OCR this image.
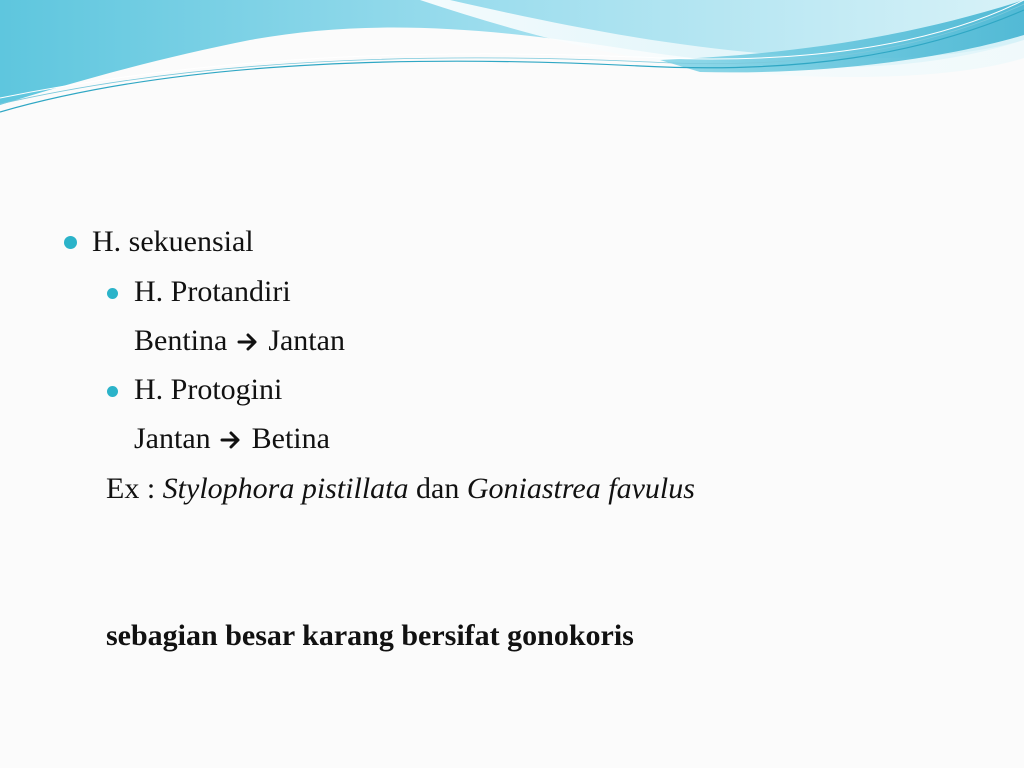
H. sekuensial
H. Protandiri
Bentina Jantan
H. Protogini
Jantan Betina
Ex : Stylophora pistillata dan Goniastrea favulus
sebagian besar karang bersifat gonokoris
